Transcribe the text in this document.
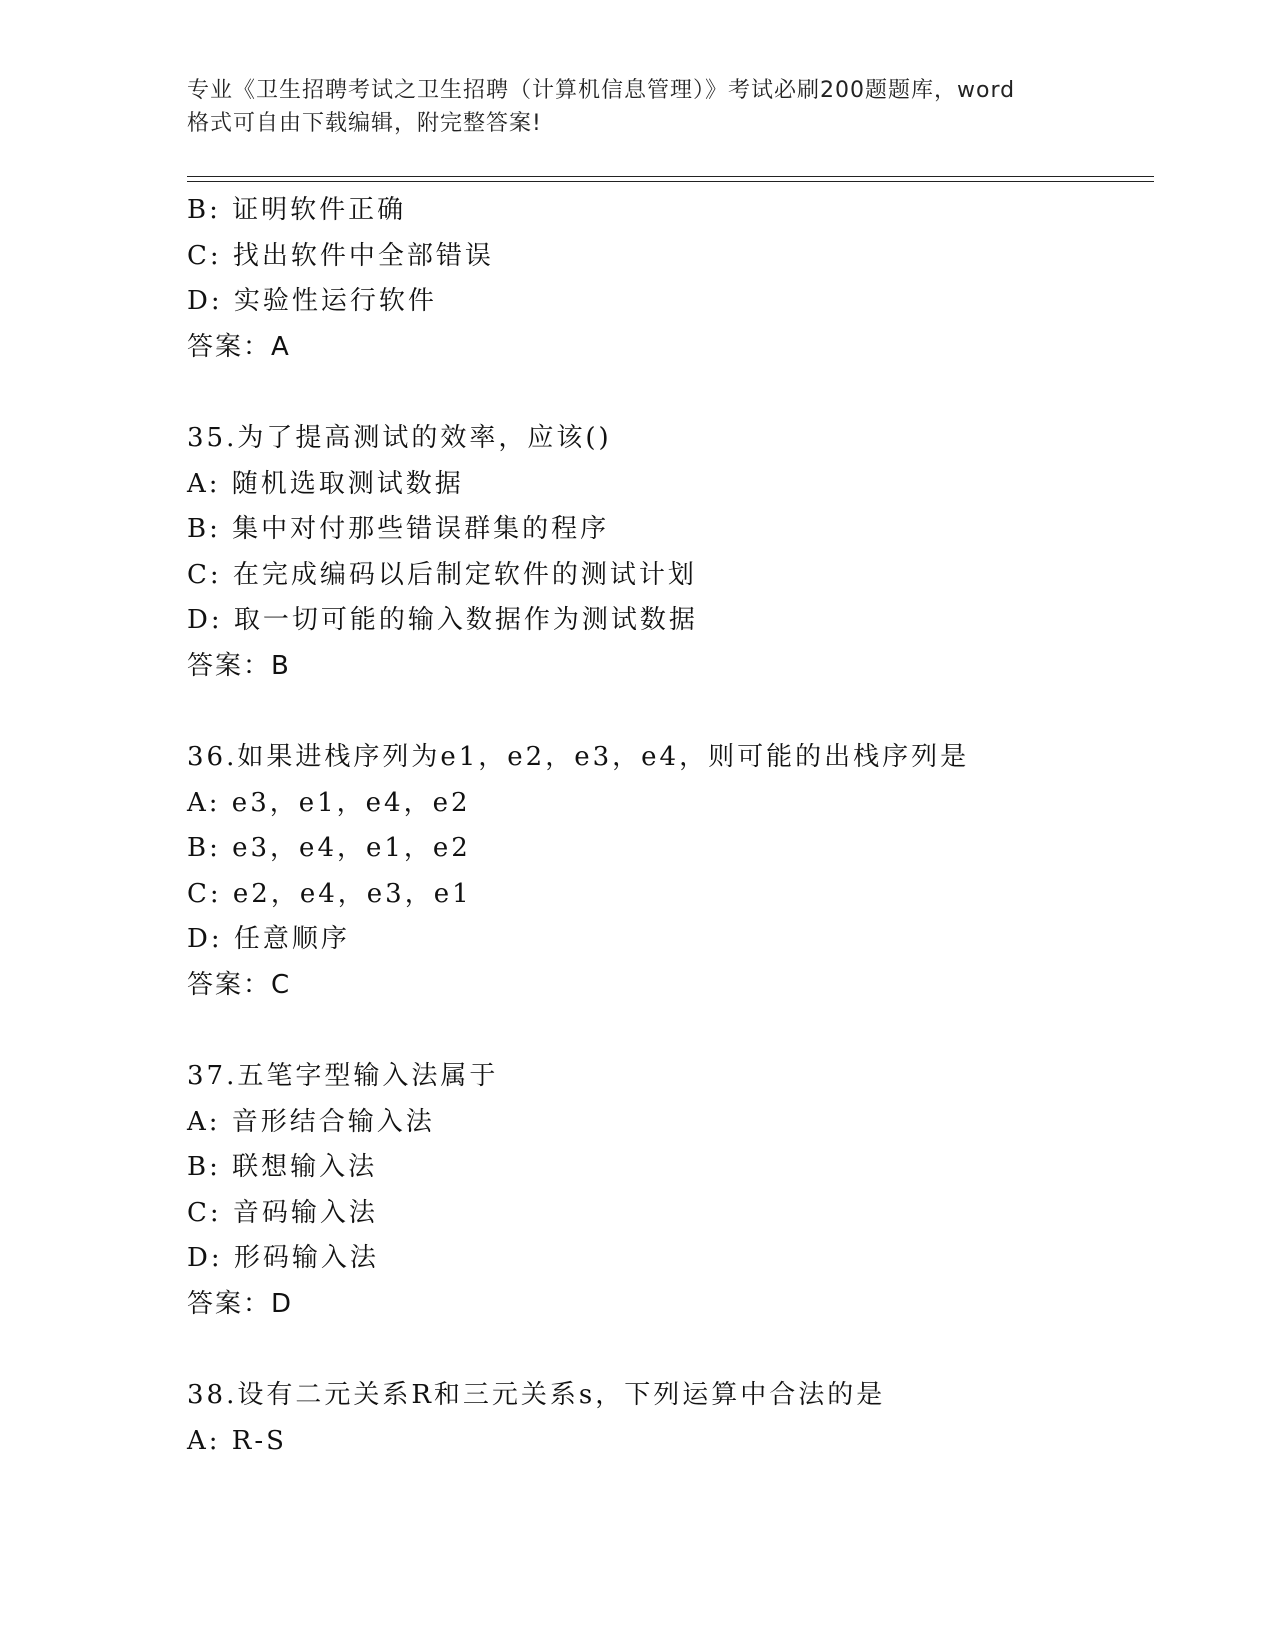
专业《卫生招聘考试之卫生招聘（计算机信息管理）》考试必刷200题题库，word
格式可自由下载编辑，附完整答案!
B: 证明软件正确
C: 找出软件中全部错误
D: 实验性运行软件
答案：A
35.为了提高测试的效率，应该()
A: 随机选取测试数据
B: 集中对付那些错误群集的程序
C: 在完成编码以后制定软件的测试计划
D: 取一切可能的输入数据作为测试数据
答案：B
36.如果进栈序列为e1，e2，e3，e4，则可能的出栈序列是
A: e3，e1，e4，e2
B: e3，e4，e1，e2
C: e2，e4，e3，e1
D: 任意顺序
答案：C
37.五笔字型输入法属于
A: 音形结合输入法
B: 联想输入法
C: 音码输入法
D: 形码输入法
答案：D
38.设有二元关系R和三元关系s，下列运算中合法的是
A: R-S
